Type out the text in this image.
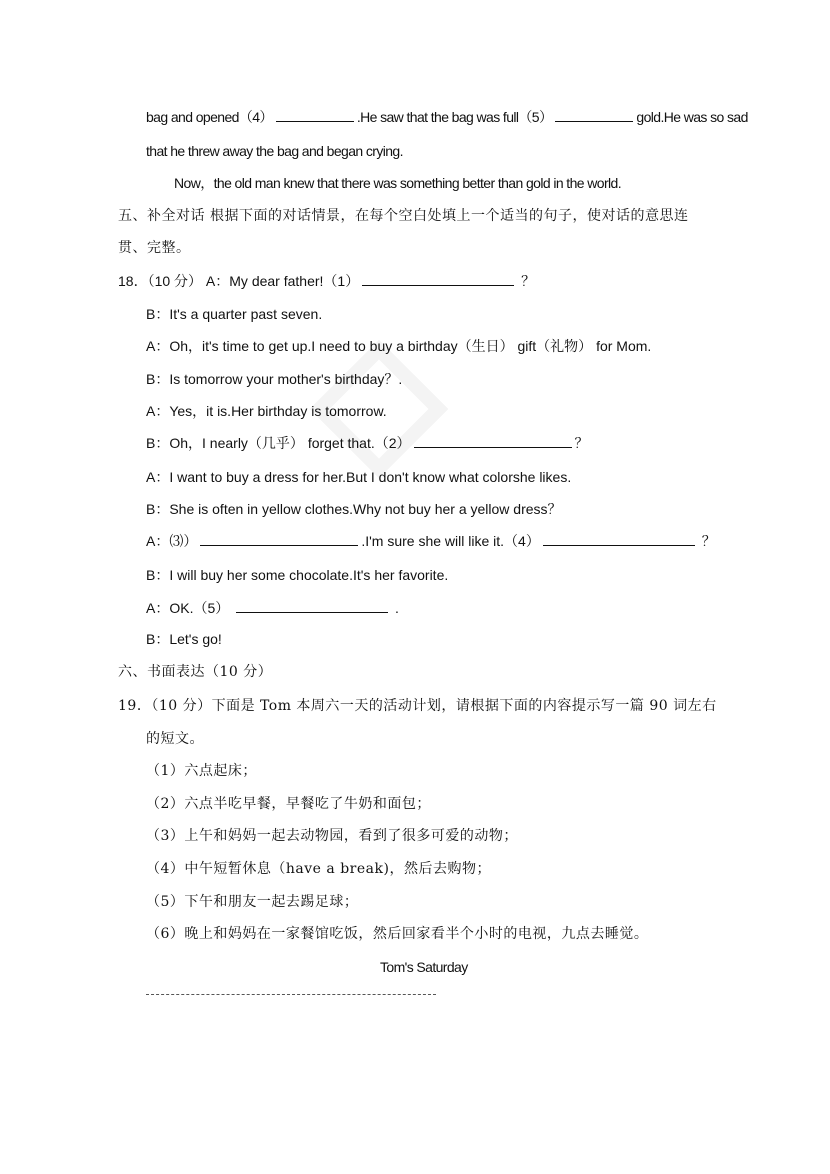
bag and opened（4）	.He saw that the bag was full（5）	gold.He was so sad
that he threw away the bag and began crying.
Now，the old man knew that there was something better than gold in the world.
五、补全对话 根据下面的对话情景，在每个空白处填上一个适当的句子，使对话的意思连
贯、完整。
18．（10 分） A：My dear father!（1）	？
B：It's a quarter past seven.
A：Oh，it's time to get up.I need to buy a birthday（生日） gift（礼物） for Mom.
B：Is tomorrow your mother's birthday？.
A：Yes，it is.Her birthday is tomorrow.
B：Oh，I nearly（几乎） forget that.（2）	？
A：I want to buy a dress for her.But I don't know what colorshe likes.
B：She is often in yellow clothes.Why not buy her a yellow dress？
A：⑶）	.I'm sure she will like it.（4）	？
B：I will buy her some chocolate.It's her favorite.
A：OK.（5）	.
B：Let's go!
六、书面表达（10 分）
19．（10 分）下面是 Tom 本周六一天的活动计划，请根据下面的内容提示写一篇 90 词左右
的短文。
（1）六点起床；
（2）六点半吃早餐，早餐吃了牛奶和面包；
（3）上午和妈妈一起去动物园，看到了很多可爱的动物；
（4）中午短暂休息（have a break)，然后去购物；
（5）下午和朋友一起去踢足球；
（6）晚上和妈妈在一家餐馆吃饭，然后回家看半个小时的电视，九点去睡觉。
Tom's Saturday
